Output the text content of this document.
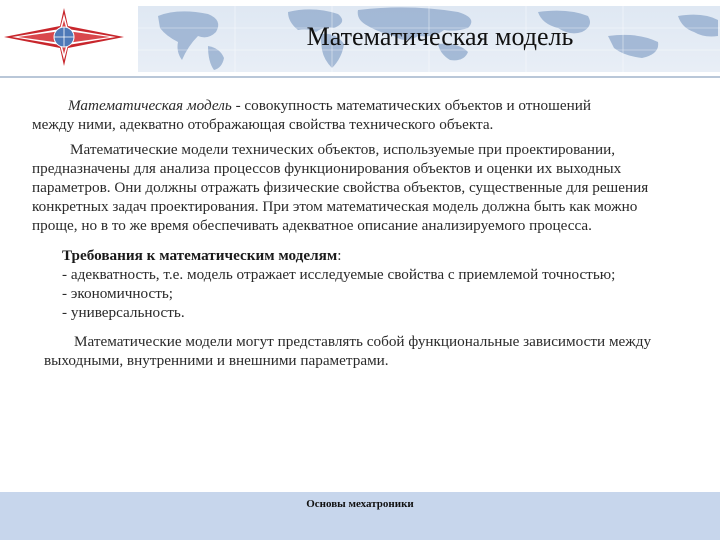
Математическая модель
Математическая модель - совокупность математических объектов и отношений
между ними, адекватно отображающая свойства технического объекта.
Математические модели технических объектов, используемые при проектировании,
предназначены для анализа процессов функционирования объектов и оценки их выходных
параметров. Они должны отражать физические свойства объектов, существенные для решения
конкретных задач проектирования. При этом математическая модель должна быть как можно
проще, но в то же время обеспечивать адекватное описание анализируемого процесса.
Требования к математическим моделям:
- адекватность, т.е. модель отражает исследуемые свойства с приемлемой точностью;
- экономичность;
- универсальность.
Математические модели могут представлять собой функциональные зависимости между
выходными, внутренними и внешними параметрами.
Основы мехатроники
